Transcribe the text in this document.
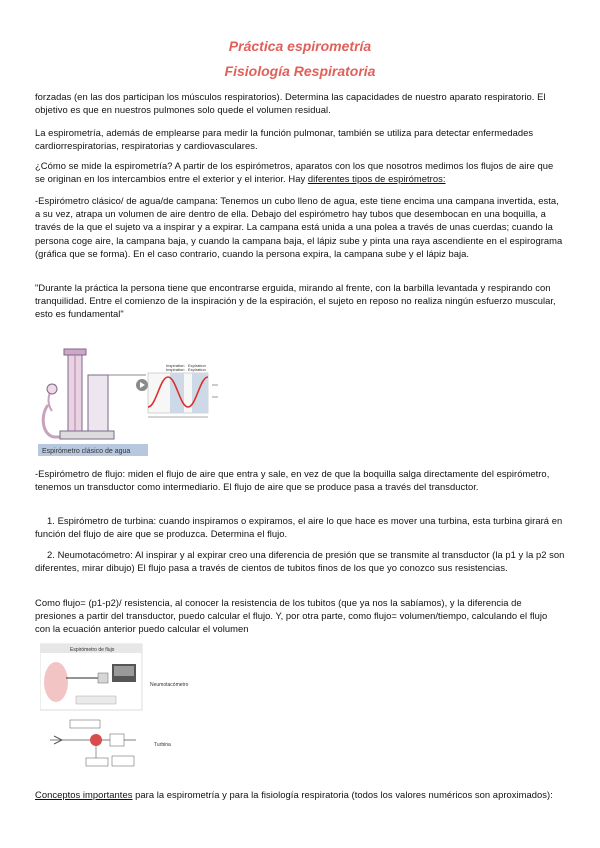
Práctica espirometría
Fisiología Respiratoria

forzadas (en las dos participan los músculos respiratorios). Determina las capacidades de nuestro aparato respiratorio. El objetivo es que en nuestros pulmones solo quede el volumen residual.

La espirometría, además de emplearse para medir la función pulmonar, también se utiliza para detectar enfermedades cardiorrespiratorias, respiratorias y cardiovasculares.

¿Cómo se mide la espirometría? A partir de los espirómetros, aparatos con los que nosotros medimos los flujos de aire que se originan en los intercambios entre el exterior y el interior. Hay diferentes tipos de espirómetros:

-Espirómetro clásico/ de agua/de campana: Tenemos un cubo lleno de agua, este tiene encima una campana invertida, esta, a su vez, atrapa un volumen de aire dentro de ella. Debajo del espirómetro hay tubos que desembocan en una boquilla, a través de la que el sujeto va a inspirar y a expirar. La campana está unida a una polea a través de unas cuerdas; cuando la persona coge aire, la campana baja, y cuando la campana baja, el lápiz sube y pinta una raya ascendiente en el espirograma (gráfica que se forma). En el caso contrario, cuando la persona expira, la campana sube y el lápiz baja.

"Durante la práctica la persona tiene que encontrarse erguida, mirando al frente, con la barbilla levantada y respirando con tranquilidad. Entre el comienzo de la inspiración y de la espiración, el sujeto en reposo no realiza ningún esfuerzo muscular, esto es fundamental"

Inspiration Expiration
Inspiration Expiration
Espirómetro clásico de agua

-Espirómetro de flujo: miden el flujo de aire que entra y sale, en vez de que la boquilla salga directamente del espirómetro, tenemos un transductor como intermediario. El flujo de aire que se produce pasa a través del transductor.

1. Espirómetro de turbina: cuando inspiramos o expiramos, el aire lo que hace es mover una turbina, esta turbina girará en función del flujo de aire que se produzca. Determina el flujo.

2. Neumotacómetro: Al inspirar y al expirar creo una diferencia de presión que se transmite al transductor (la p1 y la p2 son diferentes, mirar dibujo) El flujo pasa a través de cientos de tubitos finos de los que yo conozco sus resistencias.

Como flujo= (p1-p2)/ resistencia, al conocer la resistencia de los tubitos (que ya nos la sabíamos), y la diferencia de presiones a partir del transductor, puedo calcular el flujo. Y, por otra parte, como flujo= volumen/tiempo, calculando el flujo con la ecuación anterior puedo calcular el volumen

Espirómetro de flujo
Neumotacómetro
Turbina

Conceptos importantes para la espirometría y para la fisiología respiratoria (todos los valores numéricos son aproximados):
